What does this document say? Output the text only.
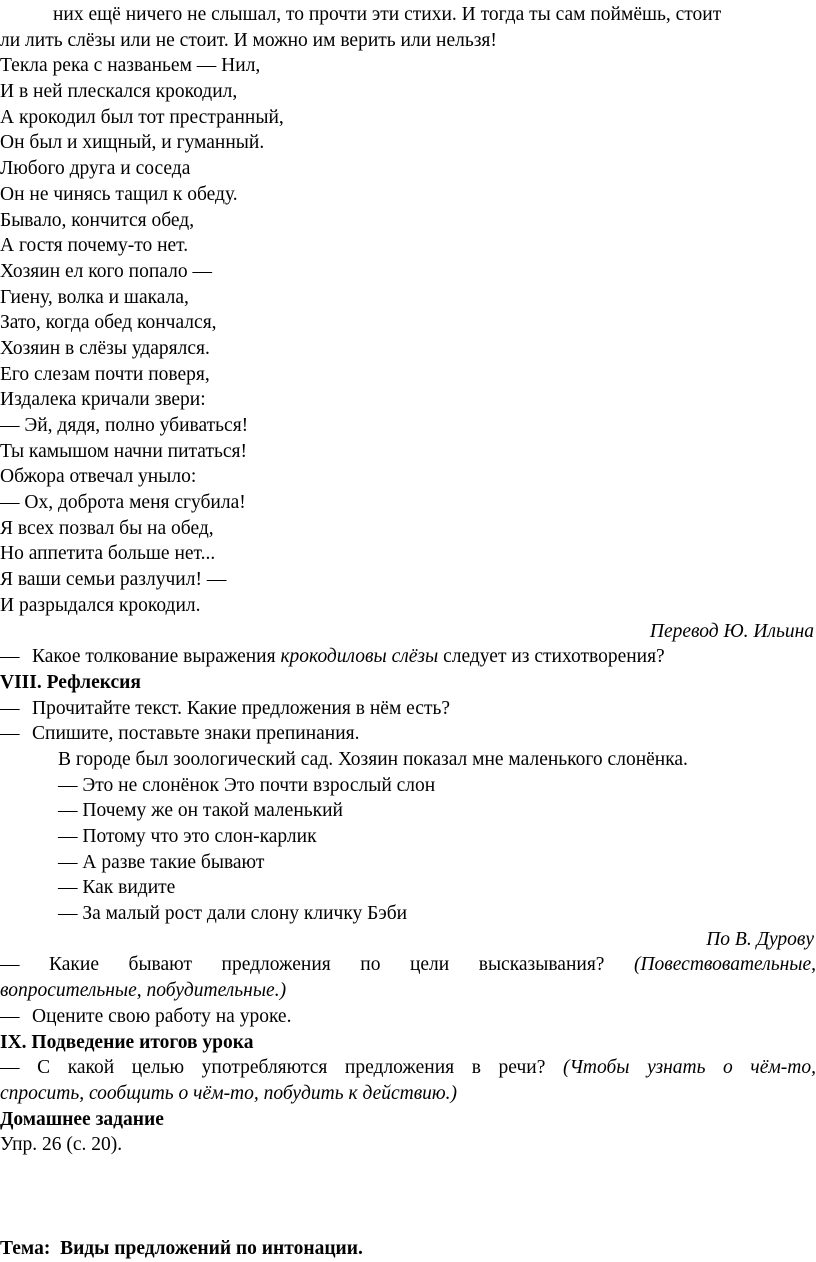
них ещё ничего не слышал, то прочти эти стихи. И тогда ты сам поймёшь, стоит
ли лить слёзы или не стоит. И можно им верить или нельзя!
Текла река с названьем — Нил,
И в ней плескался крокодил,
А крокодил был тот престранный,
Он был и хищный, и гуманный.
Любого друга и соседа
Он не чинясь тащил к обеду.
Бывало, кончится обед,
А гостя почему-то нет.
Хозяин ел кого попало —
Гиену, волка и шакала,
Зато, когда обед кончался,
Хозяин в слёзы ударялся.
Его слезам почти поверя,
Издалека кричали звери:
— Эй, дядя, полно убиваться!
Ты камышом начни питаться!
Обжора отвечал уныло:
— Ох, доброта меня сгубила!
Я всех позвал бы на обед,
Но аппетита больше нет...
Я ваши семьи разлучил! —
И разрыдался крокодил.
Перевод Ю. Ильина
— Какое толкование выражения крокодиловы слёзы следует из стихотворения?
VIII. Рефлексия
— Прочитайте текст. Какие предложения в нём есть?
— Спишите, поставьте знаки препинания.
В городе был зоологический сад. Хозяин показал мне маленького слонёнка.
— Это не слонёнок Это почти взрослый слон
— Почему же он такой маленький
— Потому что это слон-карлик
— А разве такие бывают
— Как видите
— За малый рост дали слону кличку Бэби
По В. Дурову
— Какие бывают предложения по цели высказывания? (Повествовательные,
вопросительные, побудительные.)
— Оцените свою работу на уроке.
IX. Подведение итогов урока
— С какой целью употребляются предложения в речи? (Чтобы узнать о чём-то,
спросить, сообщить о чём-то, побудить к действию.)
Домашнее задание
Упр. 26 (с. 20).
Тема: Виды предложений по интонации.
